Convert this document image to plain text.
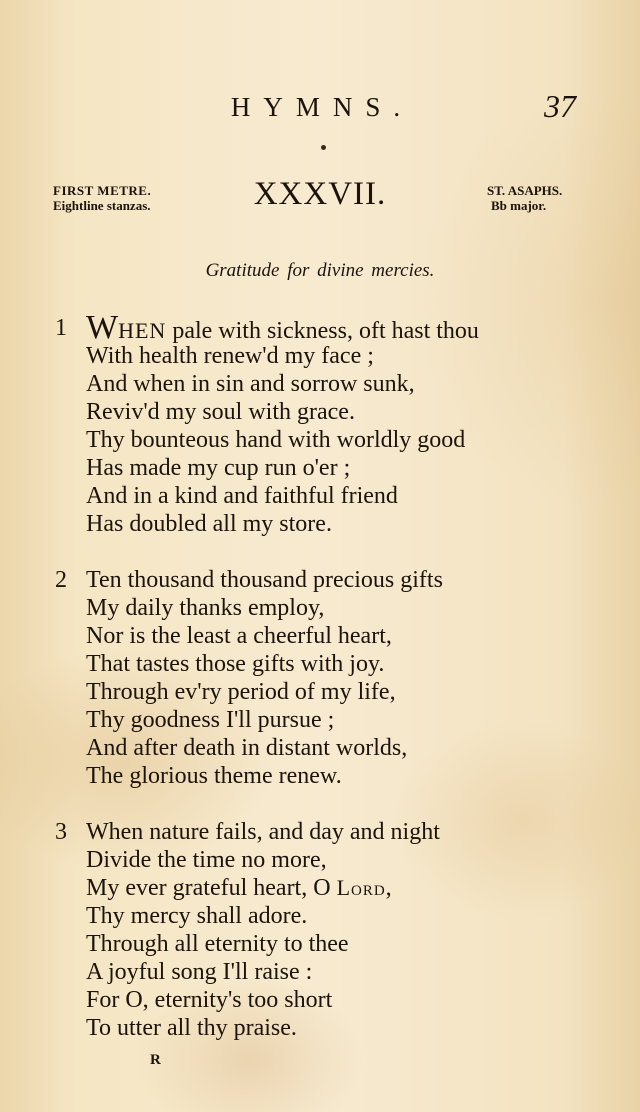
HYMNS.	37
FIRST METRE.
Eightline stanzas.	XXXVII.	ST. ASAPHS.
Bb major.
Gratitude for divine mercies.
1 WHEN pale with sickness, oft hast thou
With health renew'd my face ;
And when in sin and sorrow sunk,
Reviv'd my soul with grace.
Thy bounteous hand with worldly good
Has made my cup run o'er ;
And in a kind and faithful friend
Has doubled all my store.
2 Ten thousand thousand precious gifts
My daily thanks employ,
Nor is the least a cheerful heart,
That tastes those gifts with joy.
Through ev'ry period of my life,
Thy goodness I'll pursue ;
And after death in distant worlds,
The glorious theme renew.
3 When nature fails, and day and night
Divide the time no more,
My ever grateful heart, O Lord,
Thy mercy shall adore.
Through all eternity to thee
A joyful song I'll raise :
For O, eternity's too short
To utter all thy praise.
R
